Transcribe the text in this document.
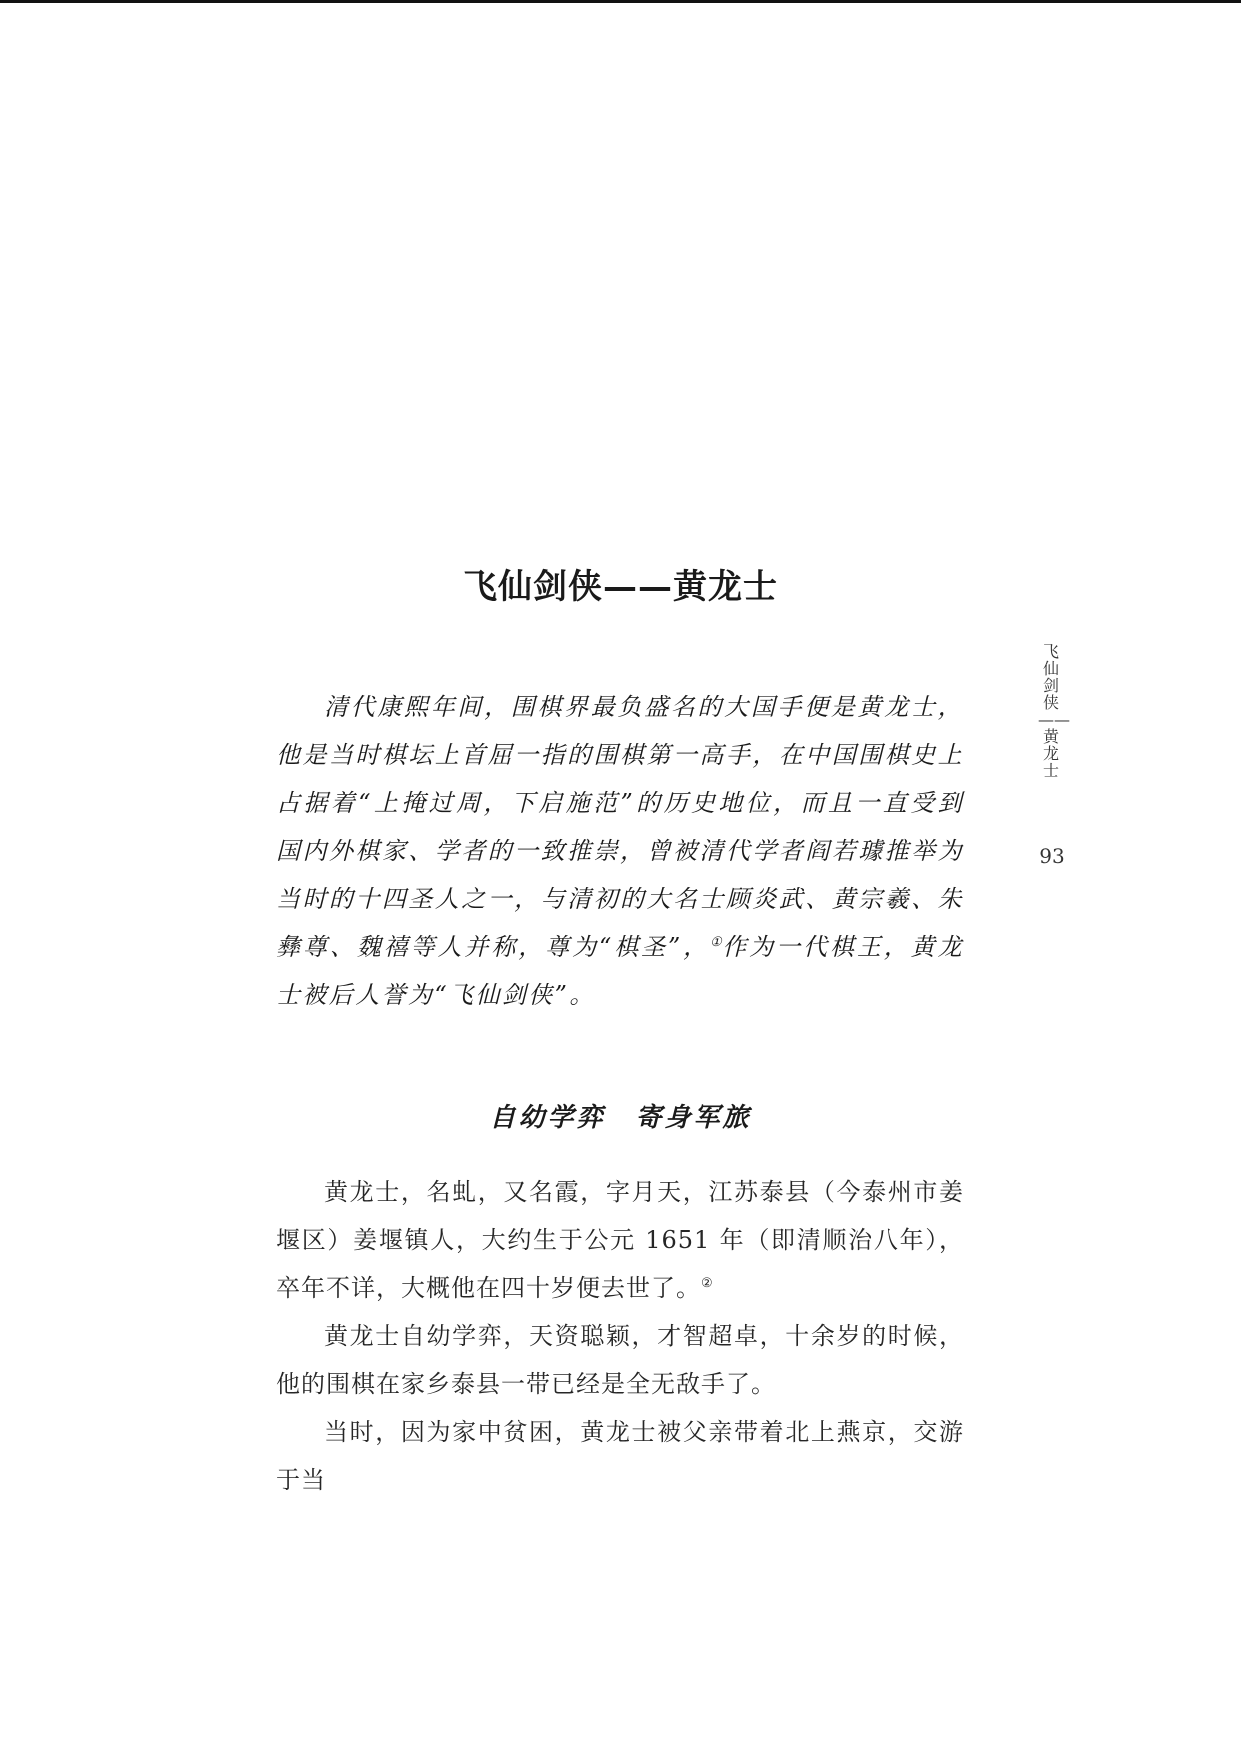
飞仙剑侠——黄龙士

清代康熙年间，围棋界最负盛名的大国手便是黄龙士，他是当时棋坛上首屈一指的围棋第一高手，在中国围棋史上占据着“上掩过周，下启施范”的历史地位，而且一直受到国内外棋家、学者的一致推崇，曾被清代学者阎若璩推举为当时的十四圣人之一，与清初的大名士顾炎武、黄宗羲、朱彝尊、魏禧等人并称，尊为“棋圣”，①作为一代棋王，黄龙士被后人誉为“飞仙剑侠”。

自幼学弈 寄身军旅

黄龙士，名虬，又名霞，字月天，江苏泰县（今泰州市姜堰区）姜堰镇人，大约生于公元 1651 年（即清顺治八年），卒年不详，大概他在四十岁便去世了。②

黄龙士自幼学弈，天资聪颖，才智超卓，十余岁的时候，他的围棋在家乡泰县一带已经是全无敌手了。

当时，因为家中贫困，黄龙士被父亲带着北上燕京，交游于当

飞仙剑侠——黄龙士
93
